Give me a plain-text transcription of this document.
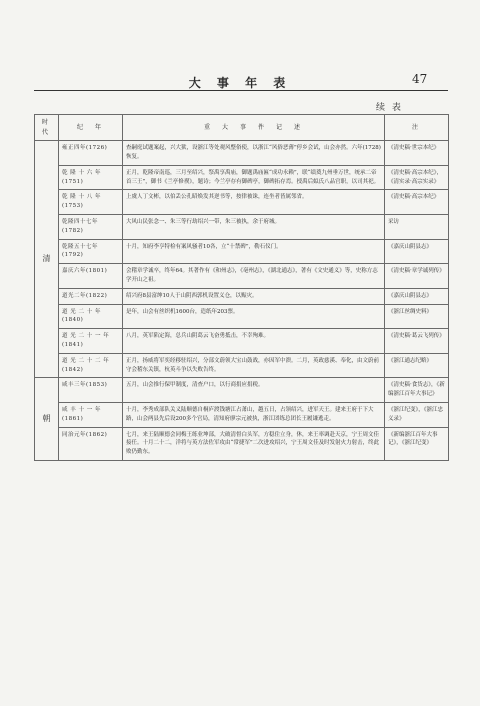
大 事 年 表	47
续 表
时代	纪　年	重　大　事　件　记　述	注
清	雍正四年(1726)	查嗣庭试题案起，兴大狱，设浙江等处观风整俗使，以浙江“风俗恶薄”停乡会试，山会亦然。六年(1728)恢复。	《清史稿·世宗本纪》
	乾 隆 十 六 年 (1751)	正月，乾隆帝南巡，三月至绍兴，祭禹享禹庙，御题禹庙匾“成功永赖”，联“绩奠九州垂万世，统承二帝首三王”，御书《兰亭修禊》，题诗；今兰亭存有御碑亭，御碑拓存焉。授禹后姒氏八品官职，以司其祀。	《清史稿·高宗本纪》，《清实录·高宗实录》
	乾 隆 十 八 年 (1753)	上虞人丁文彬，以伯丢公孔昭焕发其逆书等，按律被诛，连坐者皆属邻省。	《清史稿·高宗本纪》
	乾隆四十七年 (1782)	大风山民张念一、朱三等行劫绍兴一带，朱三被执，余于府城。	采访
	乾隆五十七年 (1792)	十月，知府李亨特检有案风骚者10各，立“十禁碑”，勒石仪门。	《嘉庆山阴县志》
	嘉庆六年(1801)	会稽章学诚卒，终年64。其著作有《和州志》，《亳州志》，《湖北通志》，著有《文史通义》等，史称方志学开山之祖。	《清史稿·章学诚列传》
	道光二年(1822)	绍兴府8县富绅10人于山阴西郭机设置义仓，以赈灾。	《嘉庆山阴县志》
	道 光 二 十 年 (1840)	是年，山会有丝织机1600台，造纸年203票。	《浙江丝绸史料》
	道 光 二 十 一 年 (1841)	八月，英军陷定海，总兵山阴葛云飞奋勇抵击，不幸殉难。	《清史稿·葛云飞列传》
	道 光 二 十 二 年 (1842)	正月，扬威将军奕经移驻绍兴，分部文蔚领大宝山鼓战，亦因军中溃。二月，英政慈溪、奉化，由文蔚前守会稽东关镇，杭英斗争以失败告终。	《浙江通志纪略》
朝	咸丰三年(1853)	五月，山会推行保甲制度，清查户口，以行商捐应捐税。	《清史稿·食货志》，《新编浙江百年大事记》
	咸 丰 十 一 年 (1861)	十月，李秀成部队关义陆顺德自桐庐渡钱塘江占萧山，越五日，占领绍兴，进军天王。建来王府于下大路，山会两县先后设200多个官局，清知府廖宗元被执，浙江团练总团长王履谦逃走。	《浙江纪变》，《浙江忠义录》
	同治元年(1862)	七月，来王陆顺德会同梅王练业坤部，大破清督白头军，方稳住立身，休，来王率调赴天京，宁王周文佳接任。十月二十二，洋将与英方法佐军攻由“常捷军”二次进攻绍兴，宁王周文佳及时发射火力射击，终此败仍勤东。	《新编浙江百年大事记》，《浙江纪变》
